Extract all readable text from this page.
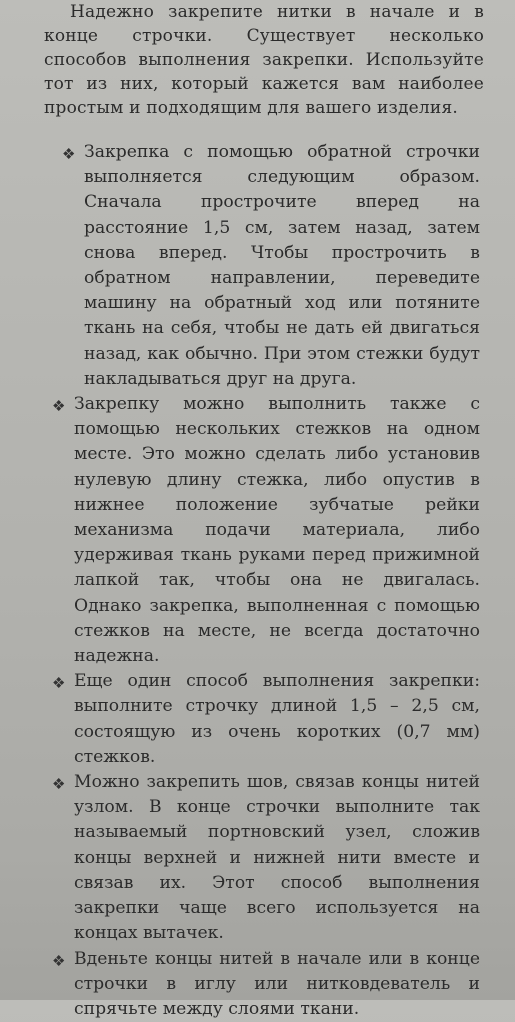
Надежно закрепите нитки в начале и в конце строчки. Существует несколько способов выполнения закрепки. Используйте тот из них, который кажется вам наиболее простым и подходящим для вашего изделия.

❖ Закрепка с помощью обратной строчки выполняется следующим образом. Сначала прострочите вперед на расстояние 1,5 см, затем назад, затем снова вперед. Чтобы прострочить в обратном направлении, переведите машину на обратный ход или потяните ткань на себя, чтобы не дать ей двигаться назад, как обычно. При этом стежки будут накладываться друг на друга.
❖ Закрепку можно выполнить также с помощью нескольких стежков на одном месте. Это можно сделать либо установив нулевую длину стежка, либо опустив в нижнее положение зубчатые рейки механизма подачи материала, либо удерживая ткань руками перед прижимной лапкой так, чтобы она не двигалась. Однако закрепка, выполненная с помощью стежков на месте, не всегда достаточно надежна.
❖ Еще один способ выполнения закрепки: выполните строчку длиной 1,5 – 2,5 см, состоящую из очень коротких (0,7 мм) стежков.
❖ Можно закрепить шов, связав концы нитей узлом. В конце строчки выполните так называемый портновский узел, сложив концы верхней и нижней нити вместе и связав их. Этот способ выполнения закрепки чаще всего используется на концах вытачек.
❖ Вденьте концы нитей в начале или в конце строчки в иглу или нитковдеватель и спрячьте между слоями ткани.
